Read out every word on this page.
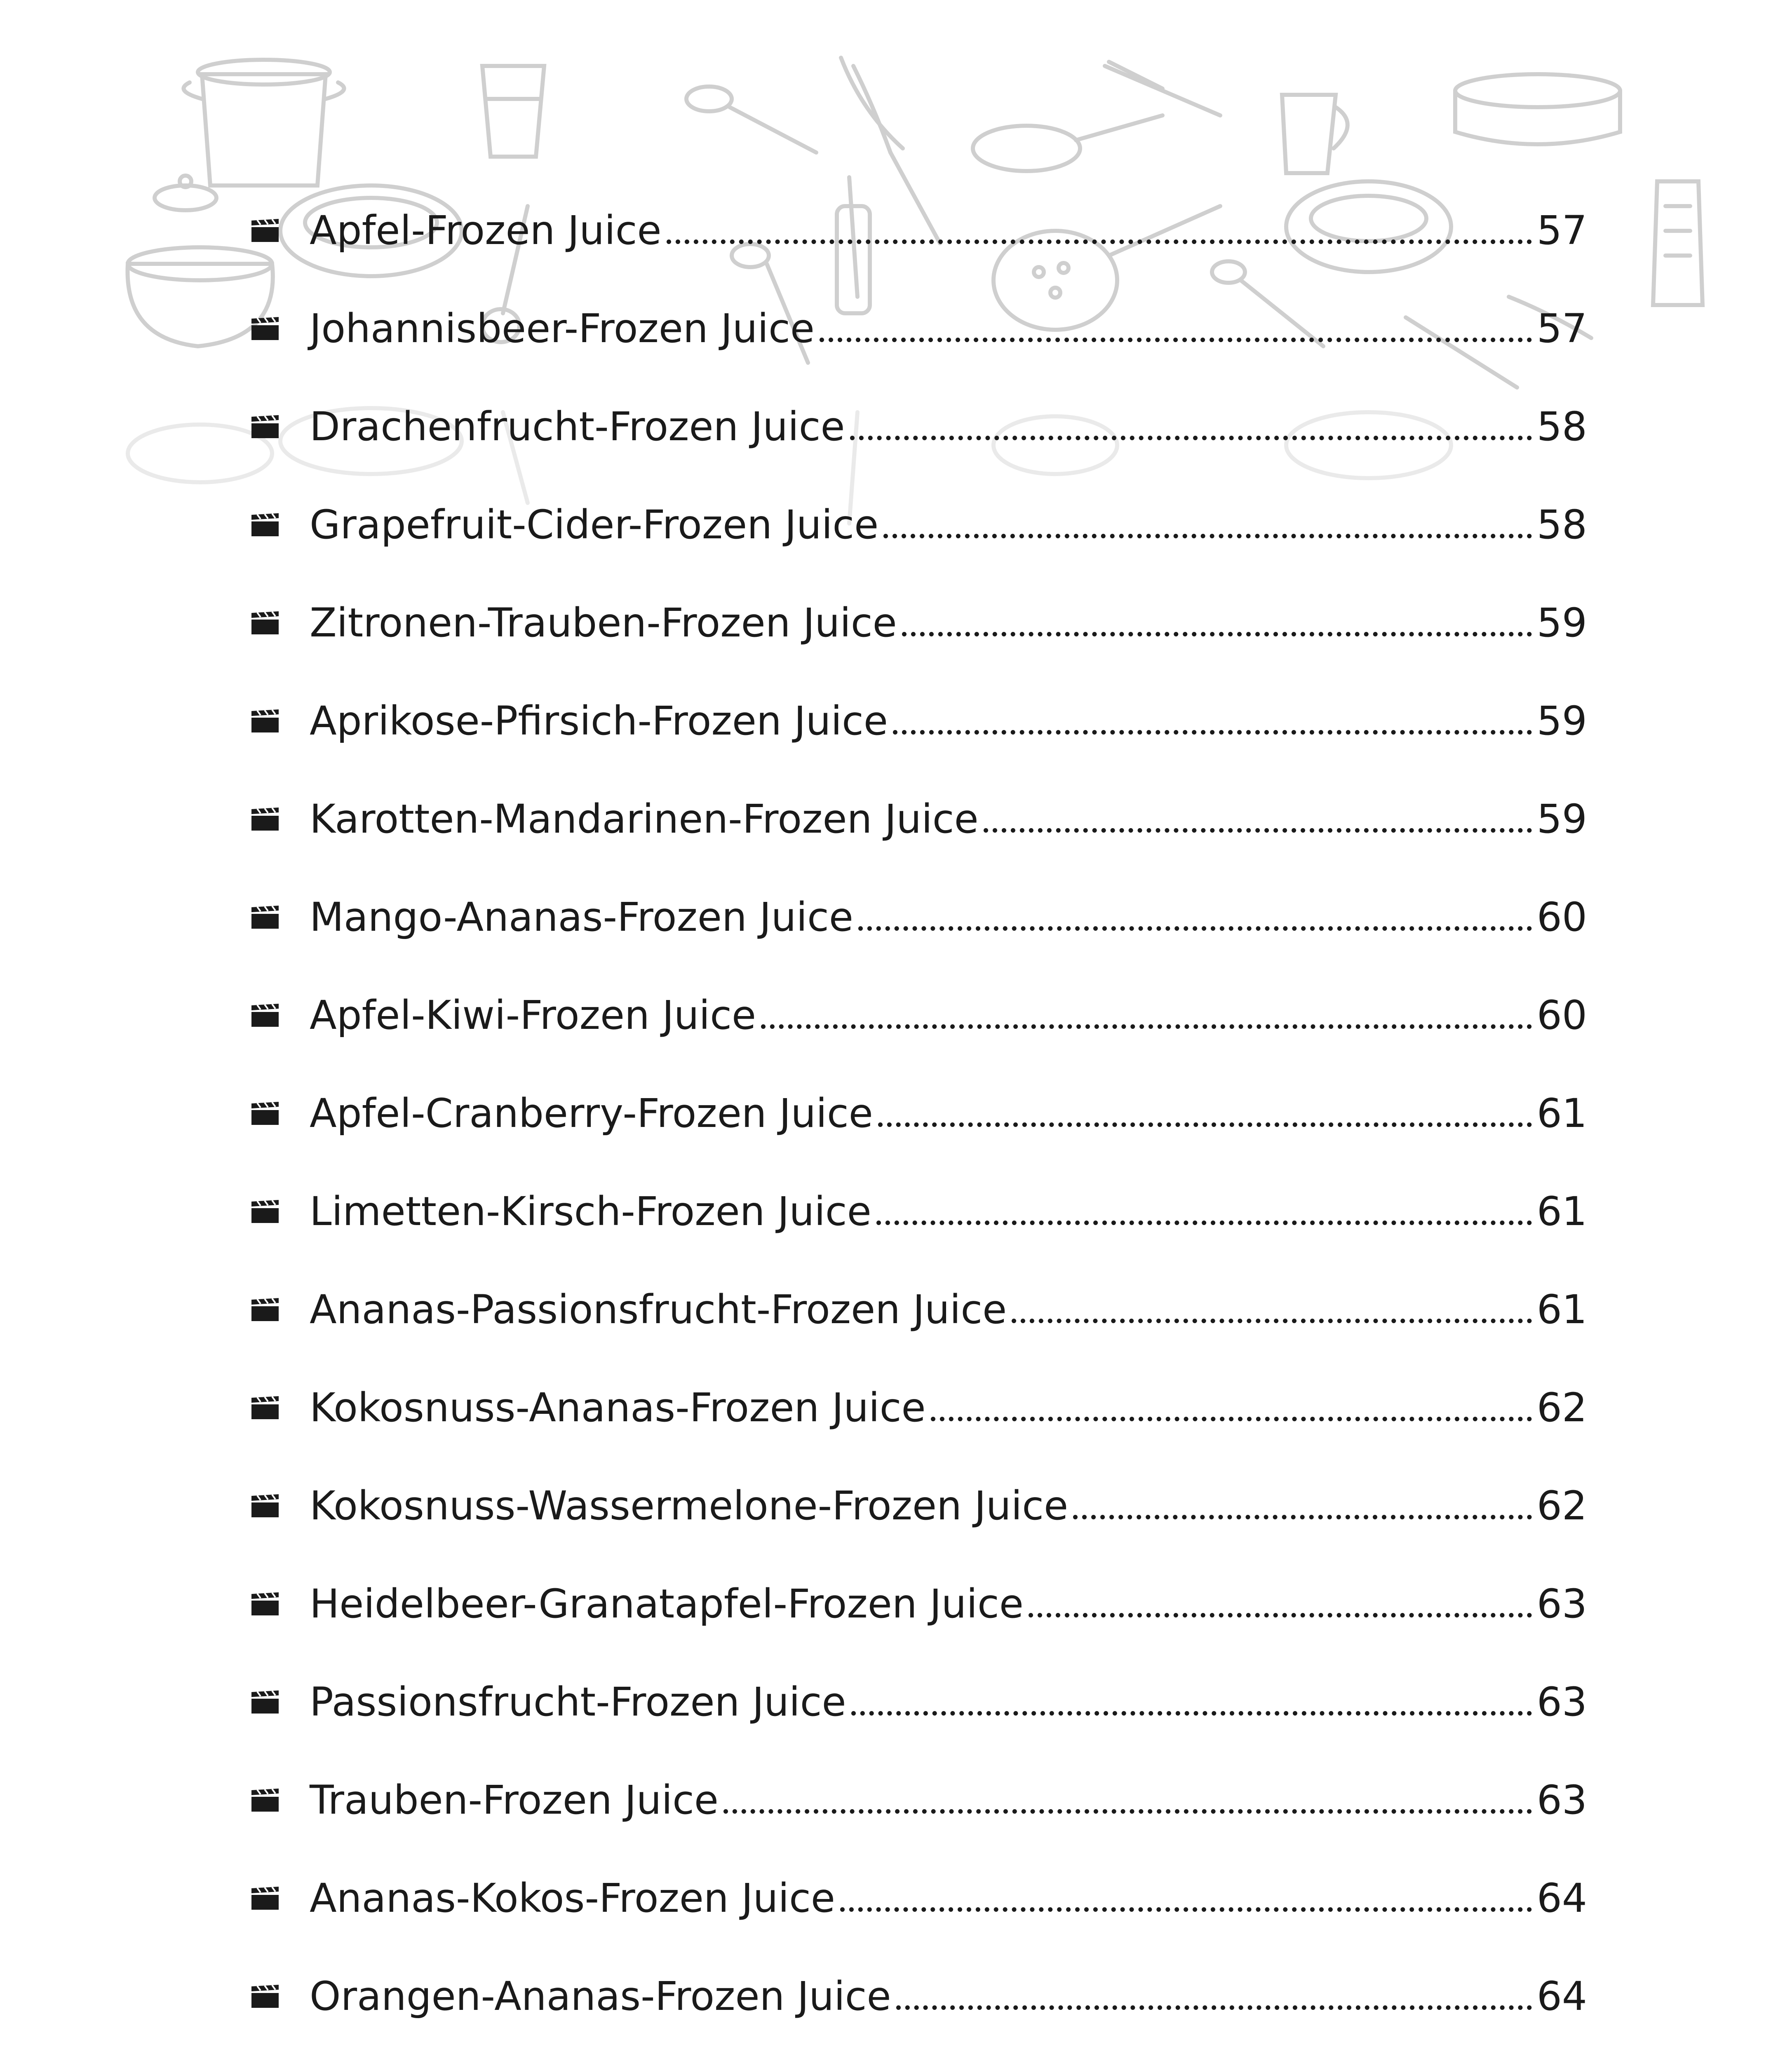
Apfel-Frozen Juice	57
Johannisbeer-Frozen Juice	57
Drachenfrucht-Frozen Juice	58
Grapefruit-Cider-Frozen Juice	58
Zitronen-Trauben-Frozen Juice	59
Aprikose-Pfirsich-Frozen Juice	59
Karotten-Mandarinen-Frozen Juice	59
Mango-Ananas-Frozen Juice	60
Apfel-Kiwi-Frozen Juice	60
Apfel-Cranberry-Frozen Juice	61
Limetten-Kirsch-Frozen Juice	61
Ananas-Passionsfrucht-Frozen Juice	61
Kokosnuss-Ananas-Frozen Juice	62
Kokosnuss-Wassermelone-Frozen Juice	62
Heidelbeer-Granatapfel-Frozen Juice	63
Passionsfrucht-Frozen Juice	63
Trauben-Frozen Juice	63
Ananas-Kokos-Frozen Juice	64
Orangen-Ananas-Frozen Juice	64
